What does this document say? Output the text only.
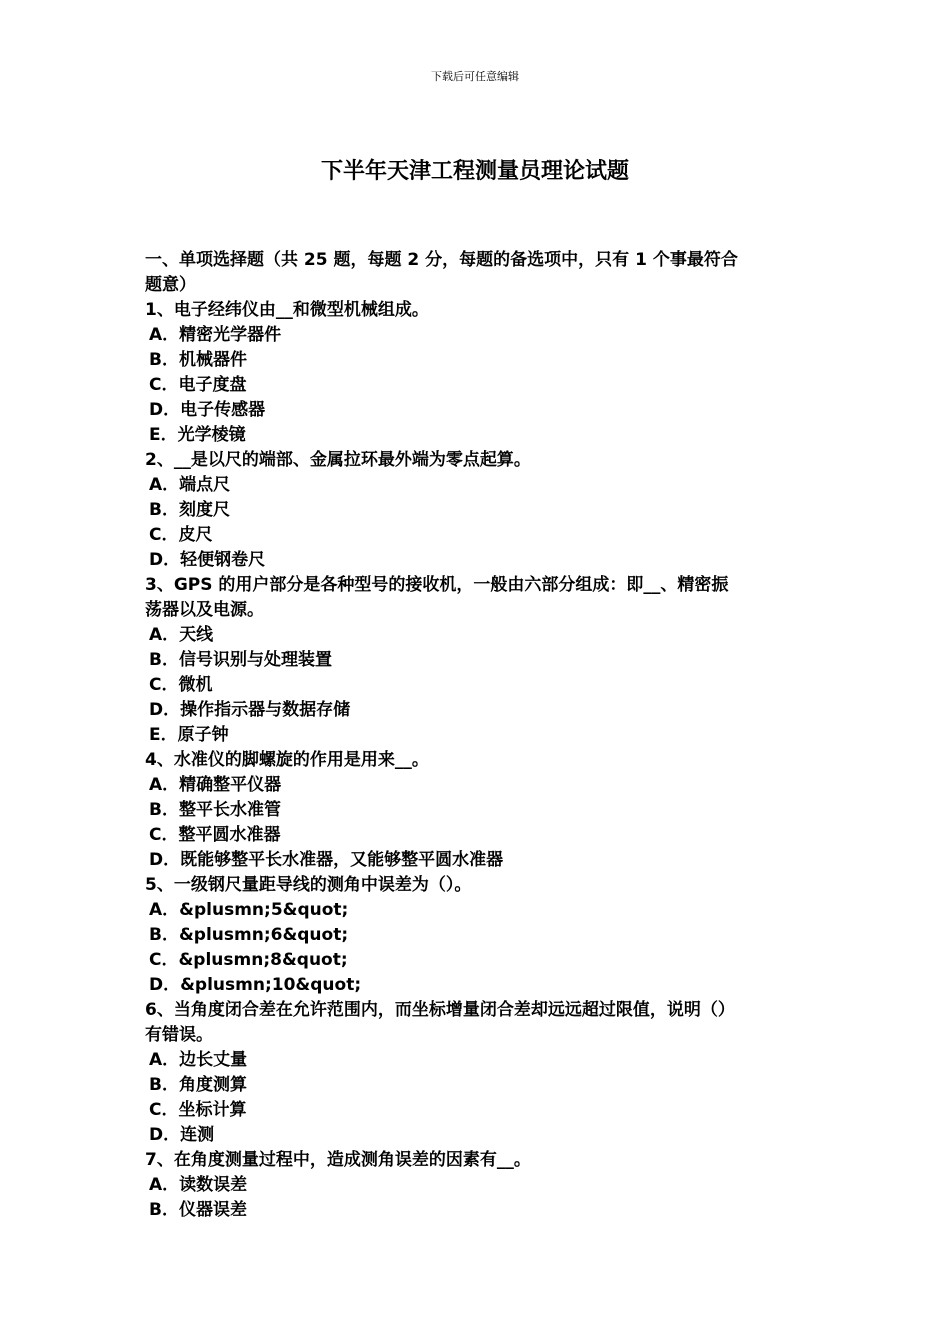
下载后可任意编辑
下半年天津工程测量员理论试题
一、单项选择题（共 25 题，每题 2 分，每题的备选项中，只有 1 个事最符合
题意）
1、电子经纬仪由__和微型机械组成。
A．精密光学器件
B．机械器件
C．电子度盘
D．电子传感器
E．光学棱镜
2、__是以尺的端部、金属拉环最外端为零点起算。
A．端点尺
B．刻度尺
C．皮尺
D．轻便钢卷尺
3、GPS 的用户部分是各种型号的接收机，一般由六部分组成：即__、精密振
荡器以及电源。
A．天线
B．信号识别与处理装置
C．微机
D．操作指示器与数据存储
E．原子钟
4、水准仪的脚螺旋的作用是用来__。
A．精确整平仪器
B．整平长水准管
C．整平圆水准器
D．既能够整平长水准器，又能够整平圆水准器
5、一级钢尺量距导线的测角中误差为（）。
A．&plusmn;5&quot;
B．&plusmn;6&quot;
C．&plusmn;8&quot;
D．&plusmn;10&quot;
6、当角度闭合差在允许范围内，而坐标增量闭合差却远远超过限值，说明（）
有错误。
A．边长丈量
B．角度测算
C．坐标计算
D．连测
7、在角度测量过程中，造成测角误差的因素有__。
A．读数误差
B．仪器误差
